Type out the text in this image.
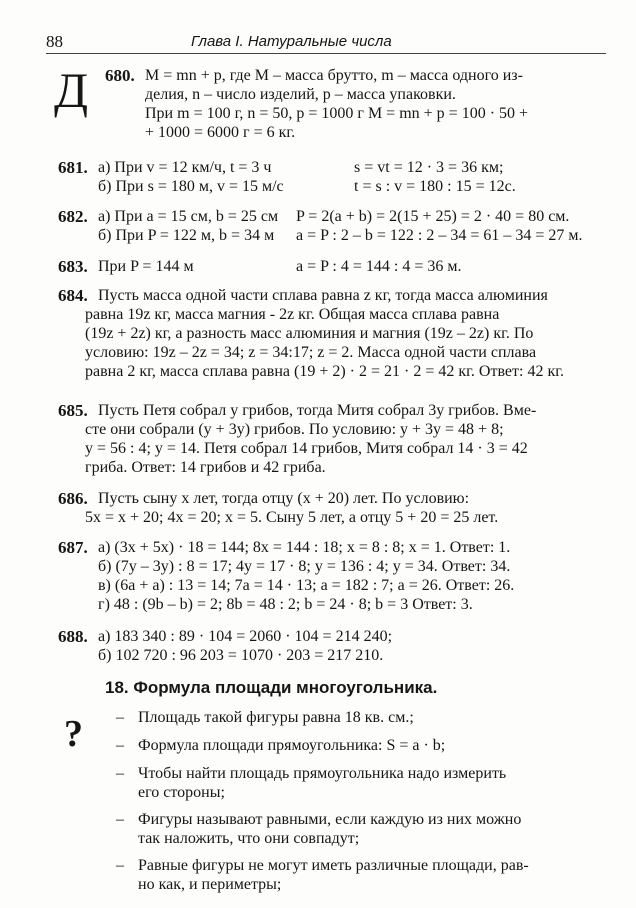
88	Глава I. Натуральные числа
Д 680. M = mn + p, где M – масса брутто, m – масса одного из-
делия, n – число изделий, p – масса упаковки.
При m = 100 г, n = 50, p = 1000 г M = mn + p = 100 · 50 +
+ 1000 = 6000 г = 6 кг.
681. а) При v = 12 км/ч, t = 3 ч	s = vt = 12 · 3 = 36 км;
б) При s = 180 м, v = 15 м/с	t = s : v = 180 : 15 = 12с.
682. а) При a = 15 см, b = 25 см P = 2(a + b) = 2(15 + 25) = 2 · 40 = 80 см.
б) При P = 122 м, b = 34 м a = P : 2 – b = 122 : 2 – 34 = 61 – 34 = 27 м.
683. При P = 144 м	a = P : 4 = 144 : 4 = 36 м.
684. Пусть масса одной части сплава равна z кг, тогда масса алюминия
равна 19z кг, масса магния - 2z кг. Общая масса сплава равна
(19z + 2z) кг, а разность масс алюминия и магния (19z – 2z) кг. По
условию: 19z – 2z = 34; z = 34:17; z = 2. Масса одной части сплава
равна 2 кг, масса сплава равна (19 + 2) · 2 = 21 · 2 = 42 кг. Ответ: 42 кг.
685. Пусть Петя собрал y грибов, тогда Митя собрал 3y грибов. Вме-
сте они собрали (y + 3y) грибов. По условию: y + 3y = 48 + 8;
y = 56 : 4; y = 14. Петя собрал 14 грибов, Митя собрал 14 · 3 = 42
гриба. Ответ: 14 грибов и 42 гриба.
686. Пусть сыну x лет, тогда отцу (x + 20) лет. По условию:
5x = x + 20; 4x = 20; x = 5. Сыну 5 лет, а отцу 5 + 20 = 25 лет.
687. а) (3x + 5x) · 18 = 144; 8x = 144 : 18; x = 8 : 8; x = 1. Ответ: 1.
б) (7y – 3y) : 8 = 17; 4y = 17 · 8; y = 136 : 4; y = 34. Ответ: 34.
в) (6a + a) : 13 = 14; 7a = 14 · 13; a = 182 : 7; a = 26. Ответ: 26.
г) 48 : (9b – b) = 2; 8b = 48 : 2; b = 24 · 8; b = 3 Ответ: 3.
688. а) 183 340 : 89 · 104 = 2060 · 104 = 214 240;
б) 102 720 : 96 203 = 1070 · 203 = 217 210.
18. Формула площади многоугольника.
? – Площадь такой фигуры равна 18 кв. см.;
– Формула площади прямоугольника: S = a · b;
– Чтобы найти площадь прямоугольника надо измерить
его стороны;
– Фигуры называют равными, если каждую из них можно
так наложить, что они совпадут;
– Равные фигуры не могут иметь различные площади, рав-
но как, и периметры;
